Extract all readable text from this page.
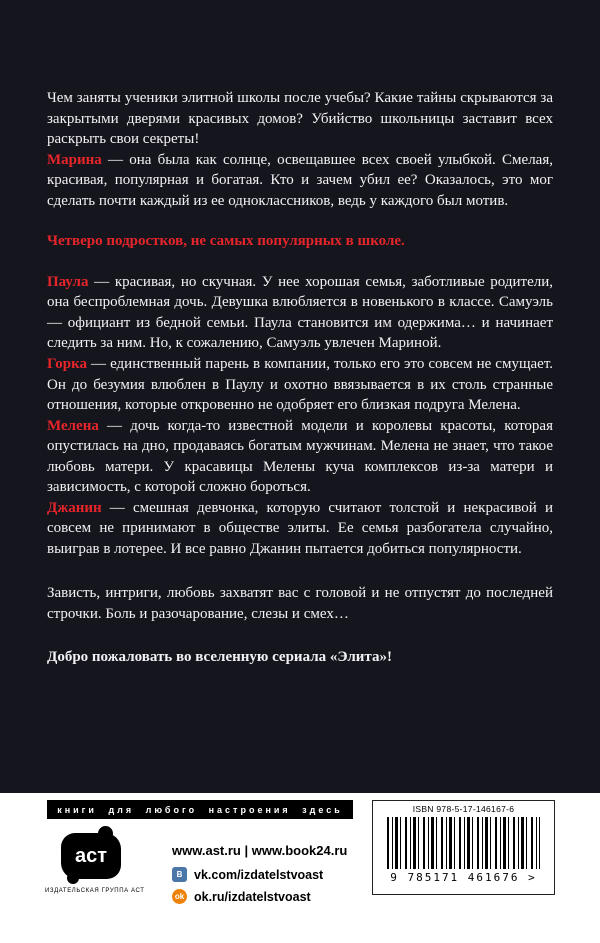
Чем заняты ученики элитной школы после учебы? Какие тайны скрываются за закрытыми дверями красивых домов? Убийство школьницы заставит всех раскрыть свои секреты!

Марина — она была как солнце, освещавшее всех своей улыбкой. Смелая, красивая, популярная и богатая. Кто и зачем убил ее? Оказалось, это мог сделать почти каждый из ее одноклассников, ведь у каждого был мотив.

Четверо подростков, не самых популярных в школе.

Паула — красивая, но скучная. У нее хорошая семья, заботливые родители, она беспроблемная дочь. Девушка влюбляется в новенького в классе. Самуэль — официант из бедной семьи. Паула становится им одержима… и начинает следить за ним. Но, к сожалению, Самуэль увлечен Мариной.

Горка — единственный парень в компании, только его это совсем не смущает. Он до безумия влюблен в Паулу и охотно ввязывается в их столь странные отношения, которые откровенно не одобряет его близкая подруга Мелена.

Мелена — дочь когда-то известной модели и королевы красоты, которая опустилась на дно, продаваясь богатым мужчинам. Мелена не знает, что такое любовь матери. У красавицы Мелены куча комплексов из-за матери и зависимость, с которой сложно бороться.

Джанин — смешная девчонка, которую считают толстой и некрасивой и совсем не принимают в обществе элиты. Ее семья разбогатела случайно, выиграв в лотерее. И все равно Джанин пытается добиться популярности.

Зависть, интриги, любовь захватят вас с головой и не отпустят до последней строчки. Боль и разочарование, слезы и смех…

Добро пожаловать во вселенную сериала «Элита»!

книги для любого настроения здесь
аст
ИЗДАТЕЛЬСКАЯ ГРУППА АСТ
www.ast.ru | www.book24.ru
B vk.com/izdatelstvoast
ok ok.ru/izdatelstvoast
ISBN 978-5-17-146167-6
9 785171 461676 >
